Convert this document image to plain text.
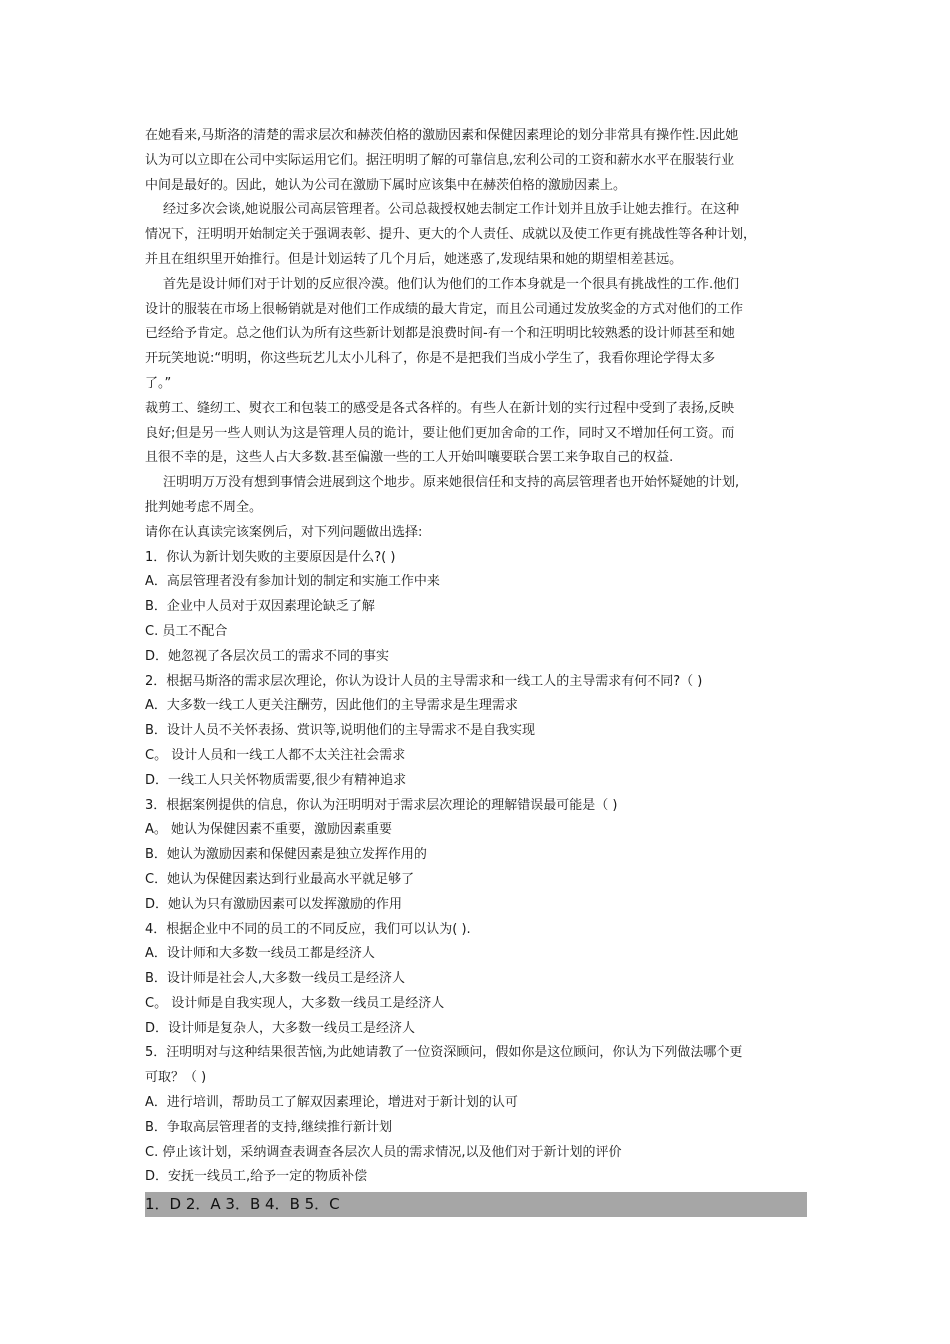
在她看来,马斯洛的清楚的需求层次和赫茨伯格的激励因素和保健因素理论的划分非常具有操作性.因此她
认为可以立即在公司中实际运用它们。据汪明明了解的可靠信息,宏利公司的工资和薪水水平在服装行业
中间是最好的。因此，她认为公司在激励下属时应该集中在赫茨伯格的激励因素上。
经过多次会谈,她说服公司高层管理者。公司总裁授权她去制定工作计划并且放手让她去推行。在这种
情况下，汪明明开始制定关于强调表彰、提升、更大的个人责任、成就以及使工作更有挑战性等各种计划，
并且在组织里开始推行。但是计划运转了几个月后，她迷惑了,发现结果和她的期望相差甚远。
首先是设计师们对于计划的反应很冷漠。他们认为他们的工作本身就是一个很具有挑战性的工作.他们
设计的服装在市场上很畅销就是对他们工作成绩的最大肯定，而且公司通过发放奖金的方式对他们的工作
已经给予肯定。总之他们认为所有这些新计划都是浪费时间-有一个和汪明明比较熟悉的设计师甚至和她
开玩笑地说:“明明，你这些玩艺儿太小儿科了，你是不是把我们当成小学生了，我看你理论学得太多
了。”
裁剪工、缝纫工、熨衣工和包装工的感受是各式各样的。有些人在新计划的实行过程中受到了表扬,反映
良好;但是另一些人则认为这是管理人员的诡计，要让他们更加舍命的工作，同时又不增加任何工资。而
且很不幸的是，这些人占大多数.甚至偏激一些的工人开始叫嚷要联合罢工来争取自己的权益.
汪明明万万没有想到事情会进展到这个地步。原来她很信任和支持的高层管理者也开始怀疑她的计划,
批判她考虑不周全。
请你在认真读完该案例后，对下列问题做出选择:
1．你认为新计划失败的主要原因是什么?( )
A．高层管理者没有参加计划的制定和实施工作中来
B．企业中人员对于双因素理论缺乏了解
C. 员工不配合
D．她忽视了各层次员工的需求不同的事实
2．根据马斯洛的需求层次理论，你认为设计人员的主导需求和一线工人的主导需求有何不同?（ )
A．大多数一线工人更关注酬劳，因此他们的主导需求是生理需求
B．设计人员不关怀表扬、赏识等,说明他们的主导需求不是自我实现
C。 设计人员和一线工人都不太关注社会需求
D．一线工人只关怀物质需要,很少有精神追求
3．根据案例提供的信息，你认为汪明明对于需求层次理论的理解错误最可能是（ )
A。 她认为保健因素不重要，激励因素重要
B．她认为激励因素和保健因素是独立发挥作用的
C．她认为保健因素达到行业最高水平就足够了
D．她认为只有激励因素可以发挥激励的作用
4．根据企业中不同的员工的不同反应，我们可以认为( ).
A．设计师和大多数一线员工都是经济人
B．设计师是社会人,大多数一线员工是经济人
C。 设计师是自我实现人，大多数一线员工是经济人
D．设计师是复杂人，大多数一线员工是经济人
5．汪明明对与这种结果很苦恼,为此她请教了一位资深顾问，假如你是这位顾问，你认为下列做法哪个更
可取？（ )
A．进行培训，帮助员工了解双因素理论，增进对于新计划的认可
B．争取高层管理者的支持,继续推行新计划
C. 停止该计划，采纳调查表调查各层次人员的需求情况,以及他们对于新计划的评价
D．安抚一线员工,给予一定的物质补偿
1．D 2．A 3．B 4．B 5．C
